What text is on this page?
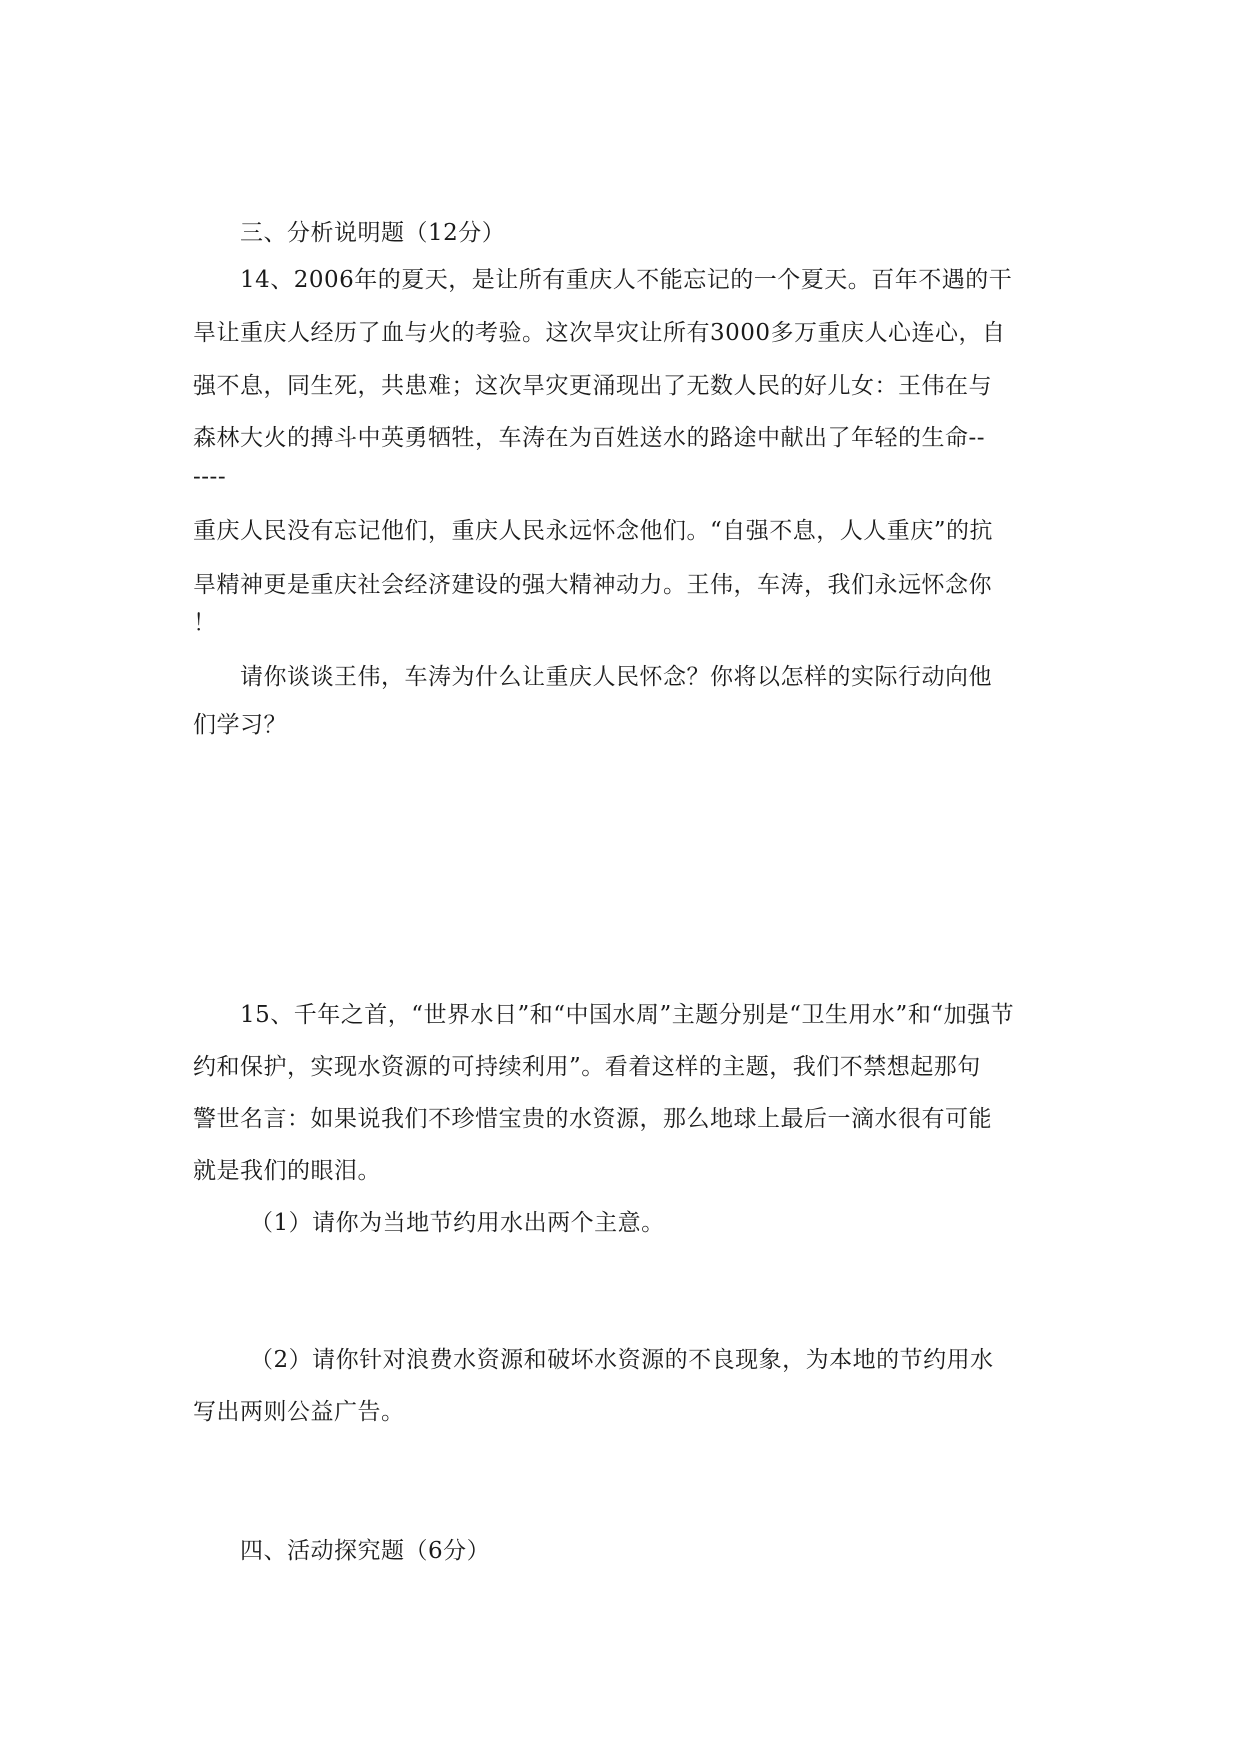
三、分析说明题（12分）
14、2006年的夏天，是让所有重庆人不能忘记的一个夏天。百年不遇的干
旱让重庆人经历了血与火的考验。这次旱灾让所有3000多万重庆人心连心，自
强不息，同生死，共患难；这次旱灾更涌现出了无数人民的好儿女：王伟在与
森林大火的搏斗中英勇牺牲，车涛在为百姓送水的路途中献出了年轻的生命--
----
重庆人民没有忘记他们，重庆人民永远怀念他们。“自强不息，人人重庆”的抗
旱精神更是重庆社会经济建设的强大精神动力。王伟，车涛，我们永远怀念你
！
请你谈谈王伟，车涛为什么让重庆人民怀念？你将以怎样的实际行动向他
们学习？
15、千年之首，“世界水日”和“中国水周”主题分别是“卫生用水”和“加强节
约和保护，实现水资源的可持续利用”。看着这样的主题，我们不禁想起那句
警世名言：如果说我们不珍惜宝贵的水资源，那么地球上最后一滴水很有可能
就是我们的眼泪。
（1）请你为当地节约用水出两个主意。
（2）请你针对浪费水资源和破坏水资源的不良现象，为本地的节约用水
写出两则公益广告。
四、活动探究题（6分）
